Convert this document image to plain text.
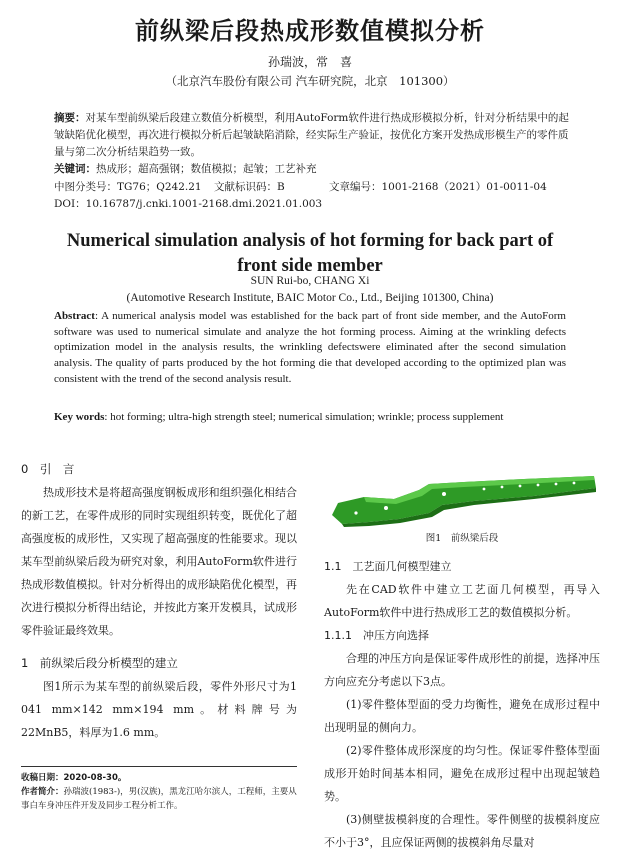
前纵梁后段热成形数值模拟分析
孙瑞波，常　喜
（北京汽车股份有限公司 汽车研究院，北京　101300）
摘要：对某车型前纵梁后段建立数值分析模型，利用AutoForm软件进行热成形模拟分析，针对分析结果中的起皱缺陷优化模型，再次进行模拟分析后起皱缺陷消除，经实际生产验证，按优化方案开发热成形模生产的零件质量与第二次分析结果趋势一致。
关键词：热成形；超高强钢；数值模拟；起皱；工艺补充
中图分类号：TG76；Q242.21	文献标识码：B	文章编号：1001-2168（2021）01-0011-04
DOI：10.16787/j.cnki.1001-2168.dmi.2021.01.003
Numerical simulation analysis of hot forming for back part of
front side member
SUN Rui-bo, CHANG Xi
(Automotive Research Institute, BAIC Motor Co., Ltd., Beijing 101300, China)
Abstract: A numerical analysis model was established for the back part of front side member, and the AutoForm software was used to numerical simulate and analyze the hot forming process. Aiming at the wrinkling defects optimization model in the analysis results, the wrinkling defectswere eliminated after the second simulation analysis. The quality of parts produced by the hot forming die that developed according to the optimized plan was consistent with the trend of the second analysis result.
Key words: hot forming; ultra-high strength steel; numerical simulation; wrinkle; process supplement
0　引　言
热成形技术是将超高强度钢板成形和组织强化相结合的新工艺，在零件成形的同时实现组织转变，既优化了超高强度板的成形性，又实现了超高强度的性能要求。现以某车型前纵梁后段为研究对象，利用AutoForm软件进行热成形数值模拟。针对分析得出的成形缺陷优化模型，再次进行模拟分析得出结论，并按此方案开发模具，试成形零件验证最终效果。
1　前纵梁后段分析模型的建立
图1所示为某车型的前纵梁后段，零件外形尺寸为1 041 mm×142 mm×194 mm。材料牌号为22MnB5，料厚为1.6 mm。
图1　前纵梁后段
1.1　工艺面几何模型建立
先在CAD软件中建立工艺面几何模型，再导入AutoForm软件中进行热成形工艺的数值模拟分析。
1.1.1　冲压方向选择
合理的冲压方向是保证零件成形性的前提，选择冲压方向应充分考虑以下3点。
(1)零件整体型面的受力均衡性，避免在成形过程中出现明显的侧向力。
(2)零件整体成形深度的均匀性。保证零件整体型面成形开始时间基本相同，避免在成形过程中出现起皱趋势。
(3)侧壁拔模斜度的合理性。零件侧壁的拔模斜度应不小于3°，且应保证两侧的拔模斜角尽量对
收稿日期：2020-08-30。
作者简介：孙瑞波(1983-)，男(汉族)，黑龙江哈尔滨人，工程师，主要从事白车身冲压件开发及同步工程分析工作。
